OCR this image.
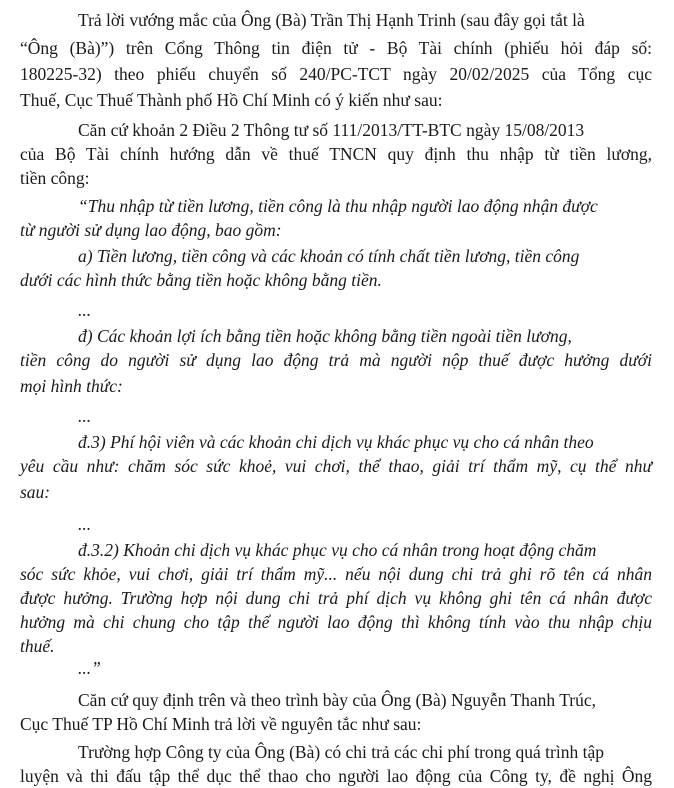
Trả lời vướng mắc của Ông (Bà) Trần Thị Hạnh Trinh (sau đây gọi tắt là
“Ông (Bà)”) trên Cổng Thông tin điện tử - Bộ Tài chính (phiếu hỏi đáp số:
180225-32) theo phiếu chuyển số 240/PC-TCT ngày 20/02/2025 của Tổng cục
Thuế, Cục Thuế Thành phố Hồ Chí Minh có ý kiến như sau:
Căn cứ khoản 2 Điều 2 Thông tư số 111/2013/TT-BTC ngày 15/08/2013
của Bộ Tài chính hướng dẫn về thuế TNCN quy định thu nhập từ tiền lương,
tiền công:
“Thu nhập từ tiền lương, tiền công là thu nhập người lao động nhận được
từ người sử dụng lao động, bao gồm:
a) Tiền lương, tiền công và các khoản có tính chất tiền lương, tiền công
dưới các hình thức bằng tiền hoặc không bằng tiền.
...
đ) Các khoản lợi ích bằng tiền hoặc không bằng tiền ngoài tiền lương,
tiền công do người sử dụng lao động trả mà người nộp thuế được hưởng dưới
mọi hình thức:
...
đ.3) Phí hội viên và các khoản chi dịch vụ khác phục vụ cho cá nhân theo
yêu cầu như: chăm sóc sức khoẻ, vui chơi, thể thao, giải trí thẩm mỹ, cụ thể như
sau:
...
đ.3.2) Khoản chi dịch vụ khác phục vụ cho cá nhân trong hoạt động chăm
sóc sức khỏe, vui chơi, giải trí thẩm mỹ... nếu nội dung chi trả ghi rõ tên cá nhân
được hưởng. Trường hợp nội dung chi trả phí dịch vụ không ghi tên cá nhân được
hưởng mà chi chung cho tập thể người lao động thì không tính vào thu nhập chịu
thuế.
...”
Căn cứ quy định trên và theo trình bày của Ông (Bà) Nguyễn Thanh Trúc,
Cục Thuế TP Hồ Chí Minh trả lời về nguyên tắc như sau:
Trường hợp Công ty của Ông (Bà) có chi trả các chi phí trong quá trình tập
luyện và thi đấu tập thể dục thể thao cho người lao động của Công ty, đề nghị Ông
